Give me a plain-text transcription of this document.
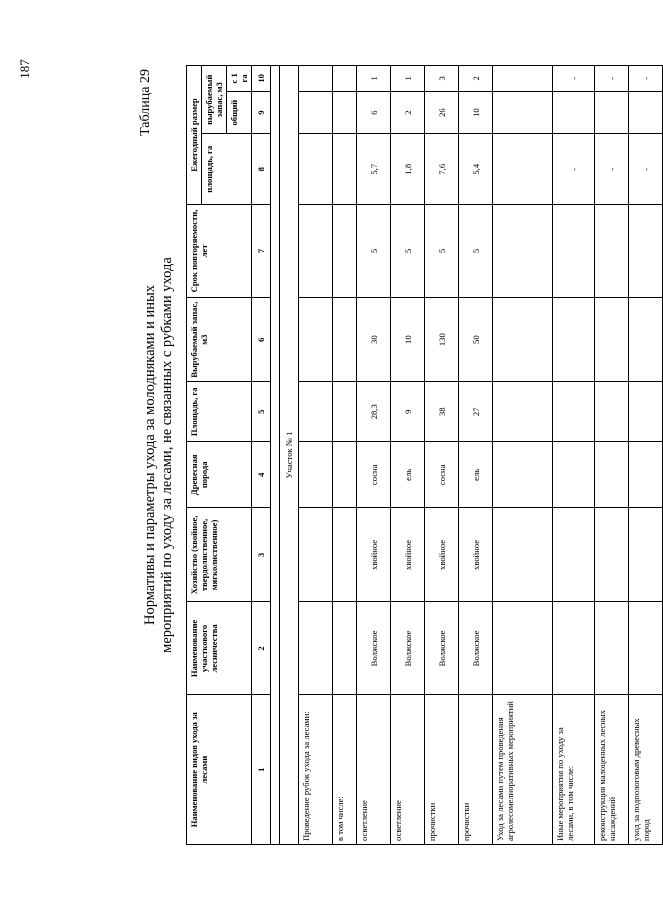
187	Таблица 29
Нормативы и параметры ухода за молодняками и иных мероприятий по уходу за лесами, не связанных с рубками ухода
Наименование видов ухода за лесами	Наименование участкового лесничества	Хозяйство (хвойное, твердолиственное, мягколиственное)	Древесная порода	Площадь, га	Вырубаемый запас, м3	Срок повторяемости, лет	Ежегодный размер		
							площадь, га	вырубаемый запас, м3	
								общий	с 1 га
1	2	3	4	5	6	7	8	9	10

Участок № 1									
Проведение рубок ухода за лесами:									
в том числе:									
осветление	Волжское	хвойное	сосна	28,3	30	5	5,7	6	1
осветление	Волжское	хвойное	ель	9	10	5	1,8	2	1
прочистки	Волжское	хвойное	сосна	38	130	5	7,6	26	3
прочистки	Волжское	хвойное	ель	27	50	5	5,4	10	2
Уход за лесами путем проведения агролесомелиоративных мероприятий									
Иные мероприятия по уходу за лесами, в том числе:							-		-
реконструкция малоценных лесных насаждений							-		-
уход за подпологовым древесных пород							-		-
